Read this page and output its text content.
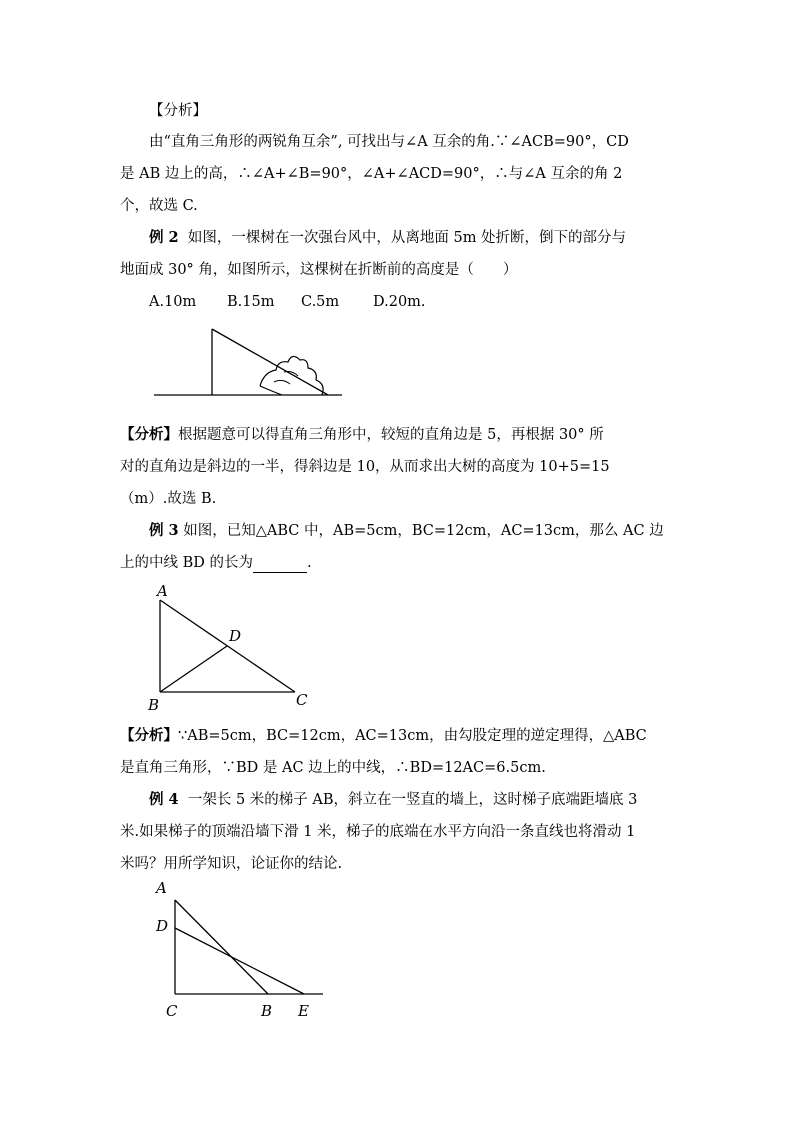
【分析】
由“直角三角形的两锐角互余”, 可找出与∠A 互余的角.∵∠ACB=90°，CD
是 AB 边上的高，∴∠A+∠B=90°，∠A+∠ACD=90°，∴与∠A 互余的角 2
个，故选 C.
例 2 如图，一棵树在一次强台风中，从离地面 5m 处折断，倒下的部分与
地面成 30° 角，如图所示，这棵树在折断前的高度是（　　）
A.10m B.15m C.5m D.20m.
【分析】根据题意可以得直角三角形中，较短的直角边是 5，再根据 30° 所
对的直角边是斜边的一半，得斜边是 10，从而求出大树的高度为 10+5=15
（m）.故选 B.
例 3 如图，已知△ABC 中，AB=5cm，BC=12cm，AC=13cm，那么 AC 边
上的中线 BD 的长为	.
A
D
B	C
【分析】∵AB=5cm，BC=12cm，AC=13cm，由勾股定理的逆定理得，△ABC
是直角三角形，∵BD 是 AC 边上的中线，∴BD=12AC=6.5cm.
例 4 一架长 5 米的梯子 AB，斜立在一竖直的墙上，这时梯子底端距墙底 3
米.如果梯子的顶端沿墙下滑 1 米，梯子的底端在水平方向沿一条直线也将滑动 1
米吗？用所学知识，论证你的结论.
A
D
C	B E
